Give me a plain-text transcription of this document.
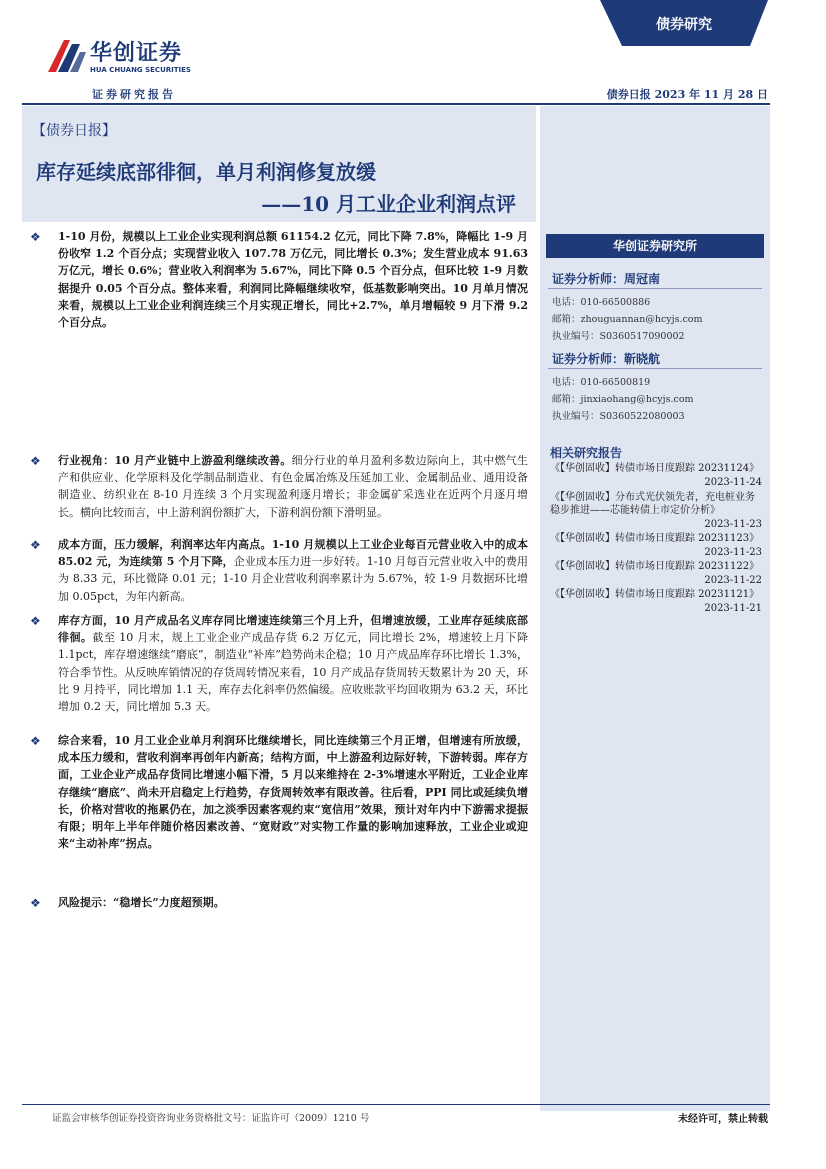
华创证券
HUA CHUANG SECURITIES
债券研究
证券研究报告	债券日报 2023 年 11 月 28 日
【债券日报】
库存延续底部徘徊，单月利润修复放缓
——10 月工业企业利润点评
❖ 1-10 月份，规模以上工业企业实现利润总额 61154.2 亿元，同比下降 7.8%，降幅比 1-9 月份收窄 1.2 个百分点；实现营业收入 107.78 万亿元，同比增长 0.3%；发生营业成本 91.63 万亿元，增长 0.6%；营业收入利润率为 5.67%，同比下降 0.5 个百分点，但环比较 1-9 月数据提升 0.05 个百分点。整体来看，利润同比降幅继续收窄，低基数影响突出。10 月单月情况来看，规模以上工业企业利润连续三个月实现正增长，同比+2.7%，单月增幅较 9 月下滑 9.2 个百分点。

❖ 行业视角：10 月产业链中上游盈利继续改善。细分行业的单月盈利多数边际向上，其中燃气生产和供应业、化学原料及化学制品制造业、有色金属冶炼及压延加工业、金属制品业、通用设备制造业、纺织业在 8-10 月连续 3 个月实现盈利逐月增长；非金属矿采选业在近两个月逐月增长。横向比较而言，中上游利润份额扩大，下游利润份额下滑明显。

❖ 成本方面，压力缓解，利润率达年内高点。1-10 月规模以上工业企业每百元营业收入中的成本 85.02 元，为连续第 5 个月下降，企业成本压力进一步好转。1-10 月每百元营业收入中的费用为 8.33 元，环比微降 0.01 元；1-10 月企业营收利润率累计为 5.67%，较 1-9 月数据环比增加 0.05pct，为年内新高。

❖ 库存方面，10 月产成品名义库存同比增速连续第三个月上升，但增速放缓，工业库存延续底部徘徊。截至 10 月末，规上工业企业产成品存货 6.2 万亿元，同比增长 2%，增速较上月下降 1.1pct，库存增速继续“磨底”，制造业“补库”趋势尚未企稳；10 月产成品库存环比增长 1.3%，符合季节性。从反映库销情况的存货周转情况来看，10 月产成品存货周转天数累计为 20 天，环比 9 月持平，同比增加 1.1 天，库存去化斜率仍然偏缓。应收账款平均回收期为 63.2 天，环比增加 0.2 天，同比增加 5.3 天。

❖ 综合来看，10 月工业企业单月利润环比继续增长，同比连续第三个月正增，但增速有所放缓，成本压力缓和，营收利润率再创年内新高；结构方面，中上游盈利边际好转，下游转弱。库存方面，工业企业产成品存货同比增速小幅下滑，5 月以来维持在 2-3%增速水平附近，工业企业库存继续“磨底”、尚未开启稳定上行趋势，存货周转效率有限改善。往后看，PPI 同比或延续负增长，价格对营收的拖累仍在，加之淡季因素客观约束“宽信用”效果，预计对年内中下游需求提振有限；明年上半年伴随价格因素改善、“宽财政”对实物工作量的影响加速释放，工业企业或迎来“主动补库”拐点。

❖ 风险提示：“稳增长”力度超预期。

华创证券研究所
证券分析师：周冠南
电话：010-66500886
邮箱：zhouguannan@hcyjs.com
执业编号：S0360517090002
证券分析师：靳晓航
电话：010-66500819
邮箱：jinxiaohang@hcyjs.com
执业编号：S0360522080003
相关研究报告
《【华创固收】转债市场日度跟踪 20231124》
2023-11-24
《【华创固收】分布式光伏领先者，充电桩业务稳步推进——芯能转债上市定价分析》
2023-11-23
《【华创固收】转债市场日度跟踪 20231123》
2023-11-23
《【华创固收】转债市场日度跟踪 20231122》
2023-11-22
《【华创固收】转债市场日度跟踪 20231121》
2023-11-21
证监会审核华创证券投资咨询业务资格批文号：证监许可（2009）1210 号	未经许可，禁止转载
